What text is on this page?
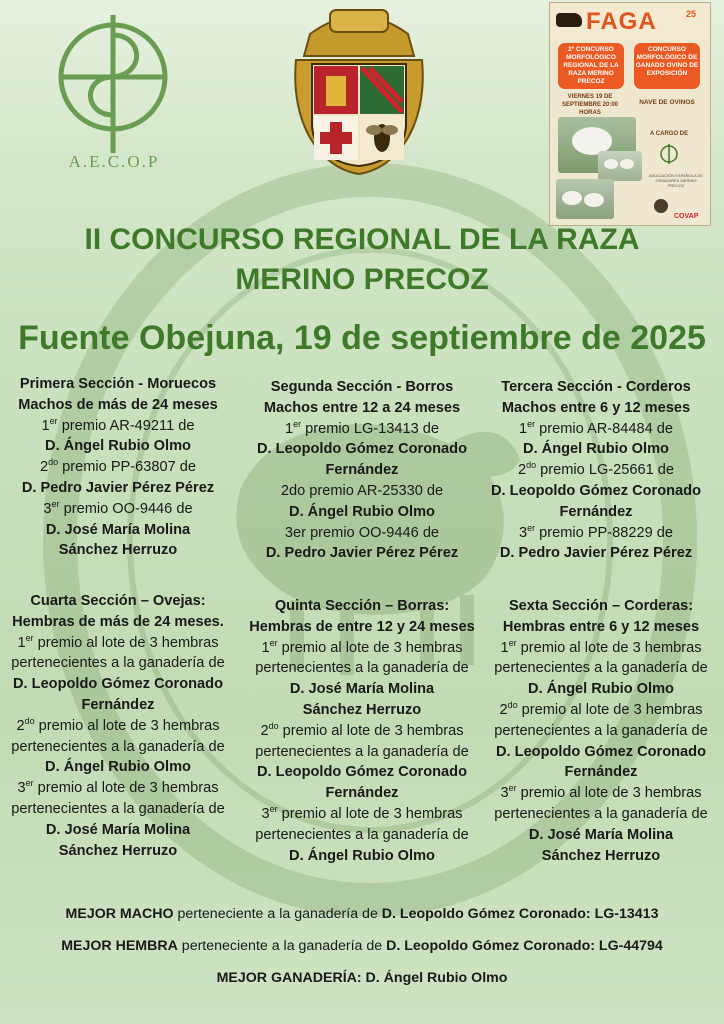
A.E.C.O.P
FAGA	25
2º CONCURSO MORFOLÓGICO REGIONAL DE LA RAZA MERINO PRECOZ
CONCURSO MORFOLÓGICO DE GANADO OVINO DE EXPOSICIÓN
VIERNES 19 DE SEPTIEMBRE 20:00 HORAS
NAVE DE OVINOS
A CARGO DE
ASOCIACIÓN ESPAÑOLA DE CRIADORES MERINO PRECOZ
COVAP
II CONCURSO REGIONAL DE LA RAZA
MERINO PRECOZ
Fuente Obejuna, 19 de septiembre de 2025
Primera Sección - Moruecos
Machos de más de 24 meses
1er premio AR-49211 de
D. Ángel Rubio Olmo
$2^{do}$ premio PP-63807 de
D. Pedro Javier Pérez Pérez
3er premio OO-9446 de
D. José María Molina
Sánchez Herruzo
Segunda Sección - Borros
Machos entre 12 a 24 meses
1er premio LG-13413 de
D. Leopoldo Gómez Coronado
Fernández
2do premio AR-25330 de
D. Ángel Rubio Olmo
3er premio OO-9446 de
D. Pedro Javier Pérez Pérez
Tercera Sección - Corderos
Machos entre 6 y 12 meses
1er premio AR-84484 de
D. Ángel Rubio Olmo
$2^{do}$ premio LG-25661 de
D. Leopoldo Gómez Coronado
Fernández
3er premio PP-88229 de
D. Pedro Javier Pérez Pérez
Cuarta Sección – Ovejas:
Hembras de más de 24 meses.
1er premio al lote de 3 hembras
pertenecientes a la ganadería de
D. Leopoldo Gómez Coronado
Fernández
$2^{do}$ premio al lote de 3 hembras
pertenecientes a la ganadería de
D. Ángel Rubio Olmo
3er premio al lote de 3 hembras
pertenecientes a la ganadería de
D. José María Molina
Sánchez Herruzo
Quinta Sección – Borras:
Hembras de entre 12 y 24 meses
1er premio al lote de 3 hembras
pertenecientes a la ganadería de
D. José María Molina
Sánchez Herruzo
$2^{do}$ premio al lote de 3 hembras
pertenecientes a la ganadería de
D. Leopoldo Gómez Coronado
Fernández
3er premio al lote de 3 hembras
pertenecientes a la ganadería de
D. Ángel Rubio Olmo
Sexta Sección – Corderas:
Hembras entre 6 y 12 meses
1er premio al lote de 3 hembras
pertenecientes a la ganadería de
D. Ángel Rubio Olmo
$2^{do}$ premio al lote de 3 hembras
pertenecientes a la ganadería de
D. Leopoldo Gómez Coronado
Fernández
3er premio al lote de 3 hembras
pertenecientes a la ganadería de
D. José María Molina
Sánchez Herruzo
MEJOR MACHO perteneciente a la ganadería de D. Leopoldo Gómez Coronado: LG-13413
MEJOR HEMBRA perteneciente a la ganadería de D. Leopoldo Gómez Coronado: LG-44794
MEJOR GANADERÍA: D. Ángel Rubio Olmo
